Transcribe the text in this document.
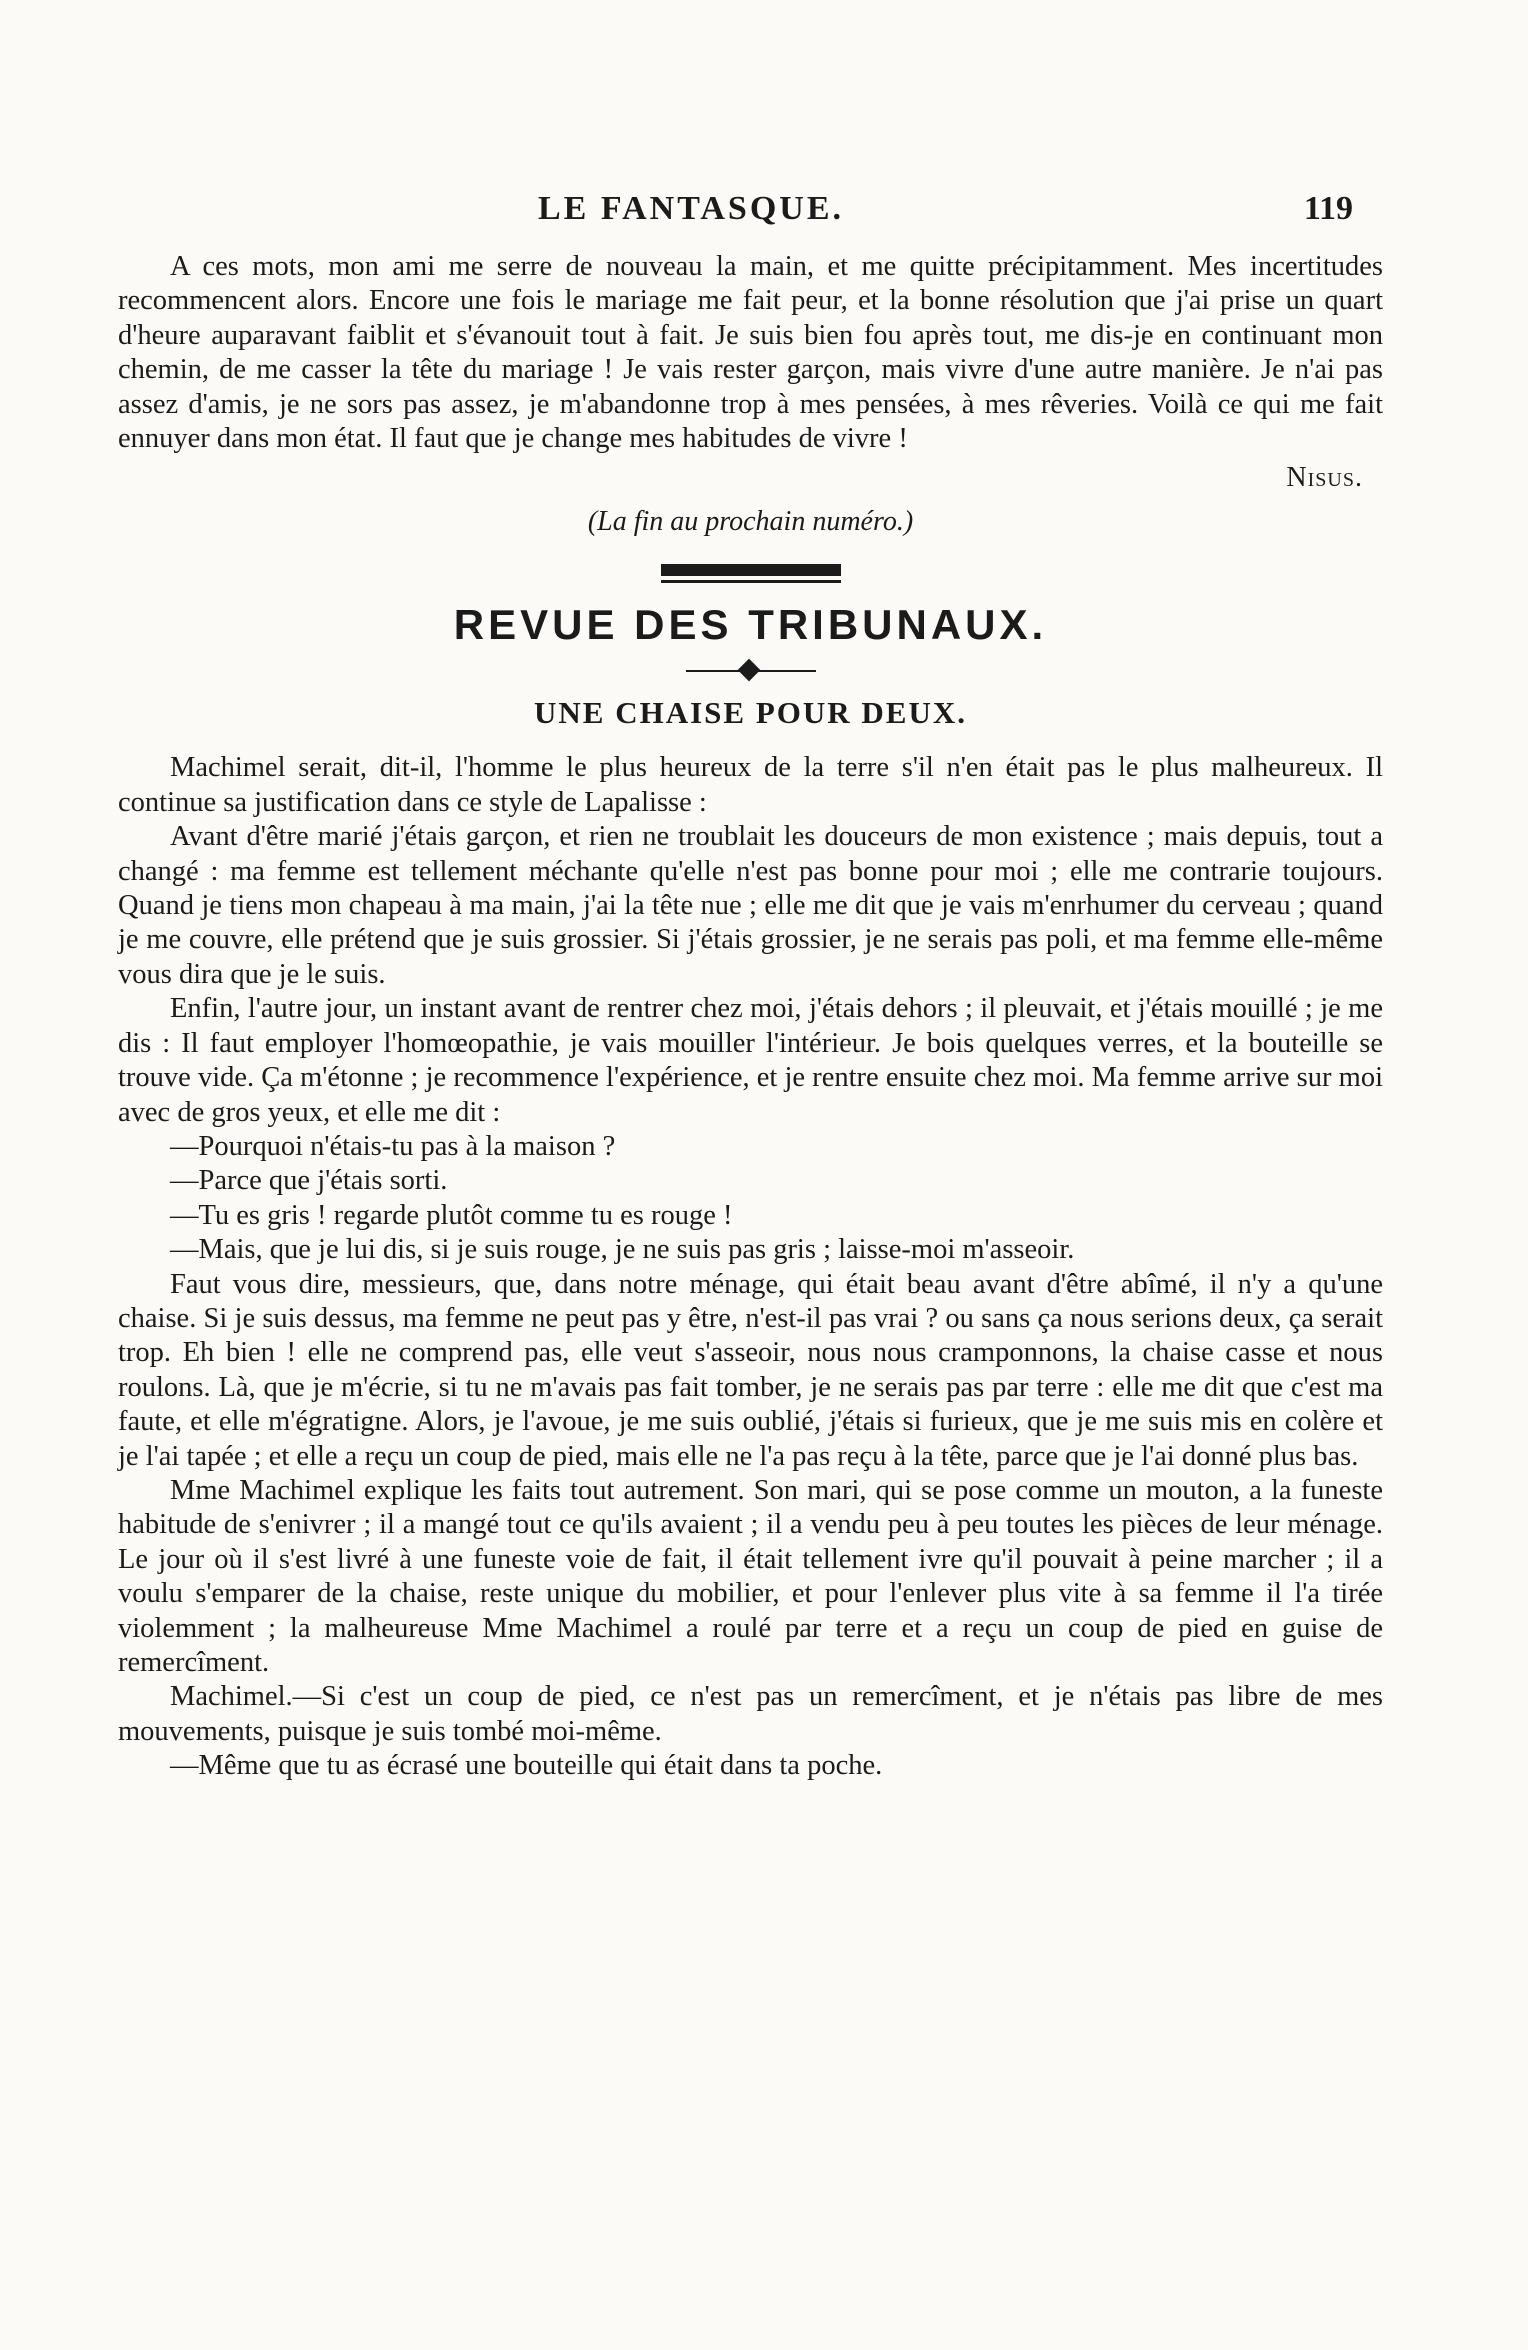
LE FANTASQUE.	119

A ces mots, mon ami me serre de nouveau la main, et me quitte précipitamment. Mes incertitudes recommencent alors. Encore une fois le mariage me fait peur, et la bonne résolution que j'ai prise un quart d'heure auparavant faiblit et s'évanouit tout à fait. Je suis bien fou après tout, me dis-je en continuant mon chemin, de me casser la tête du mariage ! Je vais rester garçon, mais vivre d'une autre manière. Je n'ai pas assez d'amis, je ne sors pas assez, je m'abandonne trop à mes pensées, à mes rêveries. Voilà ce qui me fait ennuyer dans mon état. Il faut que je change mes habitudes de vivre !

Nisus.
(La fin au prochain numéro.)
REVUE DES TRIBUNAUX.
UNE CHAISE POUR DEUX.

Machimel serait, dit-il, l'homme le plus heureux de la terre s'il n'en était pas le plus malheureux. Il continue sa justification dans ce style de Lapalisse :

Avant d'être marié j'étais garçon, et rien ne troublait les douceurs de mon existence ; mais depuis, tout a changé : ma femme est tellement méchante qu'elle n'est pas bonne pour moi ; elle me contrarie toujours. Quand je tiens mon chapeau à ma main, j'ai la tête nue ; elle me dit que je vais m'enrhumer du cerveau ; quand je me couvre, elle prétend que je suis grossier. Si j'étais grossier, je ne serais pas poli, et ma femme elle-même vous dira que je le suis.

Enfin, l'autre jour, un instant avant de rentrer chez moi, j'étais dehors ; il pleuvait, et j'étais mouillé ; je me dis : Il faut employer l'homœopathie, je vais mouiller l'intérieur. Je bois quelques verres, et la bouteille se trouve vide. Ça m'étonne ; je recommence l'expérience, et je rentre ensuite chez moi. Ma femme arrive sur moi avec de gros yeux, et elle me dit :

—Pourquoi n'étais-tu pas à la maison ?

—Parce que j'étais sorti.

—Tu es gris ! regarde plutôt comme tu es rouge !

—Mais, que je lui dis, si je suis rouge, je ne suis pas gris ; laisse-moi m'asseoir.

Faut vous dire, messieurs, que, dans notre ménage, qui était beau avant d'être abîmé, il n'y a qu'une chaise. Si je suis dessus, ma femme ne peut pas y être, n'est-il pas vrai ? ou sans ça nous serions deux, ça serait trop. Eh bien ! elle ne comprend pas, elle veut s'asseoir, nous nous cramponnons, la chaise casse et nous roulons. Là, que je m'écrie, si tu ne m'avais pas fait tomber, je ne serais pas par terre : elle me dit que c'est ma faute, et elle m'égratigne. Alors, je l'avoue, je me suis oublié, j'étais si furieux, que je me suis mis en colère et je l'ai tapée ; et elle a reçu un coup de pied, mais elle ne l'a pas reçu à la tête, parce que je l'ai donné plus bas.

Mme Machimel explique les faits tout autrement. Son mari, qui se pose comme un mouton, a la funeste habitude de s'enivrer ; il a mangé tout ce qu'ils avaient ; il a vendu peu à peu toutes les pièces de leur ménage. Le jour où il s'est livré à une funeste voie de fait, il était tellement ivre qu'il pouvait à peine marcher ; il a voulu s'emparer de la chaise, reste unique du mobilier, et pour l'enlever plus vite à sa femme il l'a tirée violemment ; la malheureuse Mme Machimel a roulé par terre et a reçu un coup de pied en guise de remercîment.

Machimel.—Si c'est un coup de pied, ce n'est pas un remercîment, et je n'étais pas libre de mes mouvements, puisque je suis tombé moi-même.

—Même que tu as écrasé une bouteille qui était dans ta poche.
